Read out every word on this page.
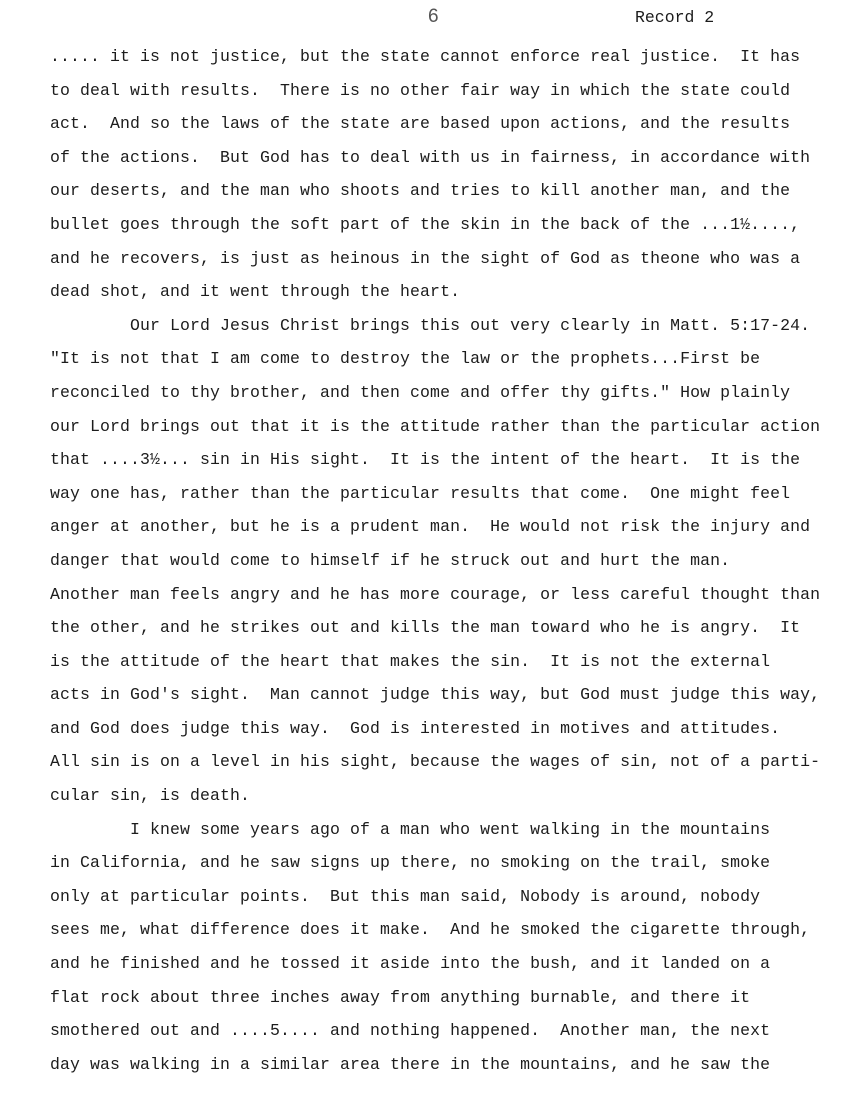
6	Record 2
..... it is not justice, but the state cannot enforce real justice.  It has
to deal with results.  There is no other fair way in which the state could
act.  And so the laws of the state are based upon actions, and the results
of the actions.  But God has to deal with us in fairness, in accordance with
our deserts, and the man who shoots and tries to kill another man, and the
bullet goes through the soft part of the skin in the back of the ...1½....,
and he recovers, is just as heinous in the sight of God as theone who was a
dead shot, and it went through the heart.
Our Lord Jesus Christ brings this out very clearly in Matt. 5:17-24.
"It is not that I am come to destroy the law or the prophets...First be
reconciled to thy brother, and then come and offer thy gifts." How plainly
our Lord brings out that it is the attitude rather than the particular action
that ....3½... sin in His sight.  It is the intent of the heart.  It is the
way one has, rather than the particular results that come.  One might feel
anger at another, but he is a prudent man.  He would not risk the injury and
danger that would come to himself if he struck out and hurt the man.
Another man feels angry and he has more courage, or less careful thought than
the other, and he strikes out and kills the man toward who he is angry.  It
is the attitude of the heart that makes the sin.  It is not the external
acts in God's sight.  Man cannot judge this way, but God must judge this way,
and God does judge this way.  God is interested in motives and attitudes.
All sin is on a level in his sight, because the wages of sin, not of a parti-
cular sin, is death.
I knew some years ago of a man who went walking in the mountains
in California, and he saw signs up there, no smoking on the trail, smoke
only at particular points.  But this man said, Nobody is around, nobody
sees me, what difference does it make.  And he smoked the cigarette through,
and he finished and he tossed it aside into the bush, and it landed on a
flat rock about three inches away from anything burnable, and there it
smothered out and ....5.... and nothing happened.  Another man, the next
day was walking in a similar area there in the mountains, and he saw the
